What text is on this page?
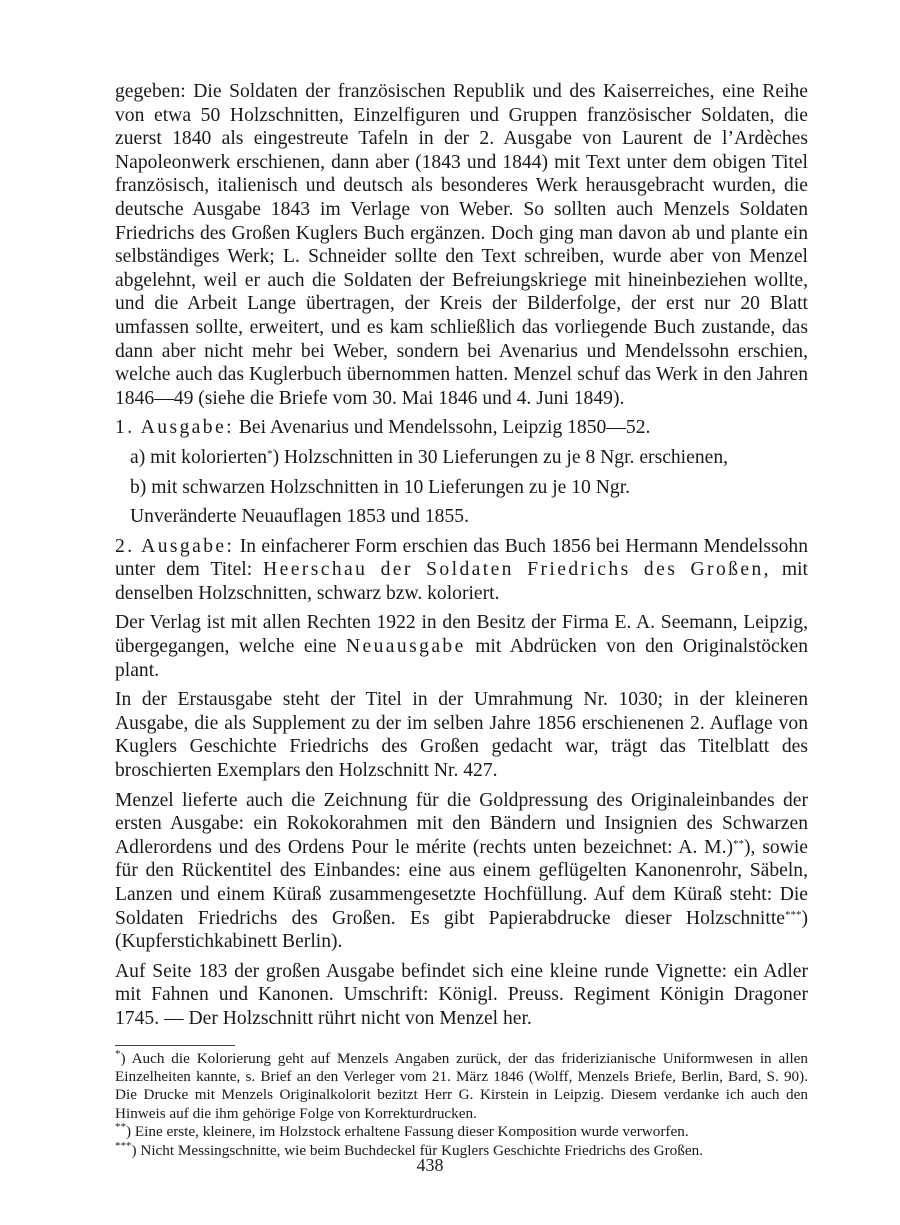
gegeben: Die Soldaten der französischen Republik und des Kaiserreiches, eine Reihe von etwa 50 Holzschnitten, Einzelfiguren und Gruppen französischer Soldaten, die zuerst 1840 als eingestreute Tafeln in der 2. Ausgabe von Laurent de l’Ardèches Napoleonwerk erschienen, dann aber (1843 und 1844) mit Text unter dem obigen Titel französisch, italienisch und deutsch als besonderes Werk herausgebracht wurden, die deutsche Ausgabe 1843 im Verlage von Weber. So sollten auch Menzels Soldaten Friedrichs des Großen Kuglers Buch ergänzen. Doch ging man davon ab und plante ein selbständiges Werk; L. Schneider sollte den Text schreiben, wurde aber von Menzel abgelehnt, weil er auch die Soldaten der Befreiungskriege mit hineinbeziehen wollte, und die Arbeit Lange übertragen, der Kreis der Bilderfolge, der erst nur 20 Blatt umfassen sollte, erweitert, und es kam schließlich das vorliegende Buch zustande, das dann aber nicht mehr bei Weber, sondern bei Avenarius und Mendelssohn erschien, welche auch das Kuglerbuch übernommen hatten. Menzel schuf das Werk in den Jahren 1846—49 (siehe die Briefe vom 30. Mai 1846 und 4. Juni 1849).

1. Ausgabe: Bei Avenarius und Mendelssohn, Leipzig 1850—52.

a) mit kolorierten*) Holzschnitten in 30 Lieferungen zu je 8 Ngr. erschienen,

b) mit schwarzen Holzschnitten in 10 Lieferungen zu je 10 Ngr.

Unveränderte Neuauflagen 1853 und 1855.

2. Ausgabe: In einfacherer Form erschien das Buch 1856 bei Hermann Mendelssohn unter dem Titel: Heerschau der Soldaten Friedrichs des Großen, mit denselben Holzschnitten, schwarz bzw. koloriert.

Der Verlag ist mit allen Rechten 1922 in den Besitz der Firma E. A. Seemann, Leipzig, übergegangen, welche eine Neuausgabe mit Abdrücken von den Originalstöcken plant.

In der Erstausgabe steht der Titel in der Umrahmung Nr. 1030; in der kleineren Ausgabe, die als Supplement zu der im selben Jahre 1856 erschienenen 2. Auflage von Kuglers Geschichte Friedrichs des Großen gedacht war, trägt das Titelblatt des broschierten Exemplars den Holzschnitt Nr. 427.

Menzel lieferte auch die Zeichnung für die Goldpressung des Originaleinbandes der ersten Ausgabe: ein Rokokorahmen mit den Bändern und Insignien des Schwarzen Adlerordens und des Ordens Pour le mérite (rechts unten bezeichnet: A. M.)**), sowie für den Rückentitel des Einbandes: eine aus einem geflügelten Kanonenrohr, Säbeln, Lanzen und einem Küraß zusammengesetzte Hochfüllung. Auf dem Küraß steht: Die Soldaten Friedrichs des Großen. Es gibt Papierabdrucke dieser Holzschnitte***) (Kupferstichkabinett Berlin).

Auf Seite 183 der großen Ausgabe befindet sich eine kleine runde Vignette: ein Adler mit Fahnen und Kanonen. Umschrift: Königl. Preuss. Regiment Königin Dragoner 1745. — Der Holzschnitt rührt nicht von Menzel her.

*) Auch die Kolorierung geht auf Menzels Angaben zurück, der das friderizianische Uniformwesen in allen Einzelheiten kannte, s. Brief an den Verleger vom 21. März 1846 (Wolff, Menzels Briefe, Berlin, Bard, S. 90). Die Drucke mit Menzels Originalkolorit bezitzt Herr G. Kirstein in Leipzig. Diesem verdanke ich auch den Hinweis auf die ihm gehörige Folge von Korrekturdrucken.

**) Eine erste, kleinere, im Holzstock erhaltene Fassung dieser Komposition wurde verworfen.

***) Nicht Messingschnitte, wie beim Buchdeckel für Kuglers Geschichte Friedrichs des Großen.

438
